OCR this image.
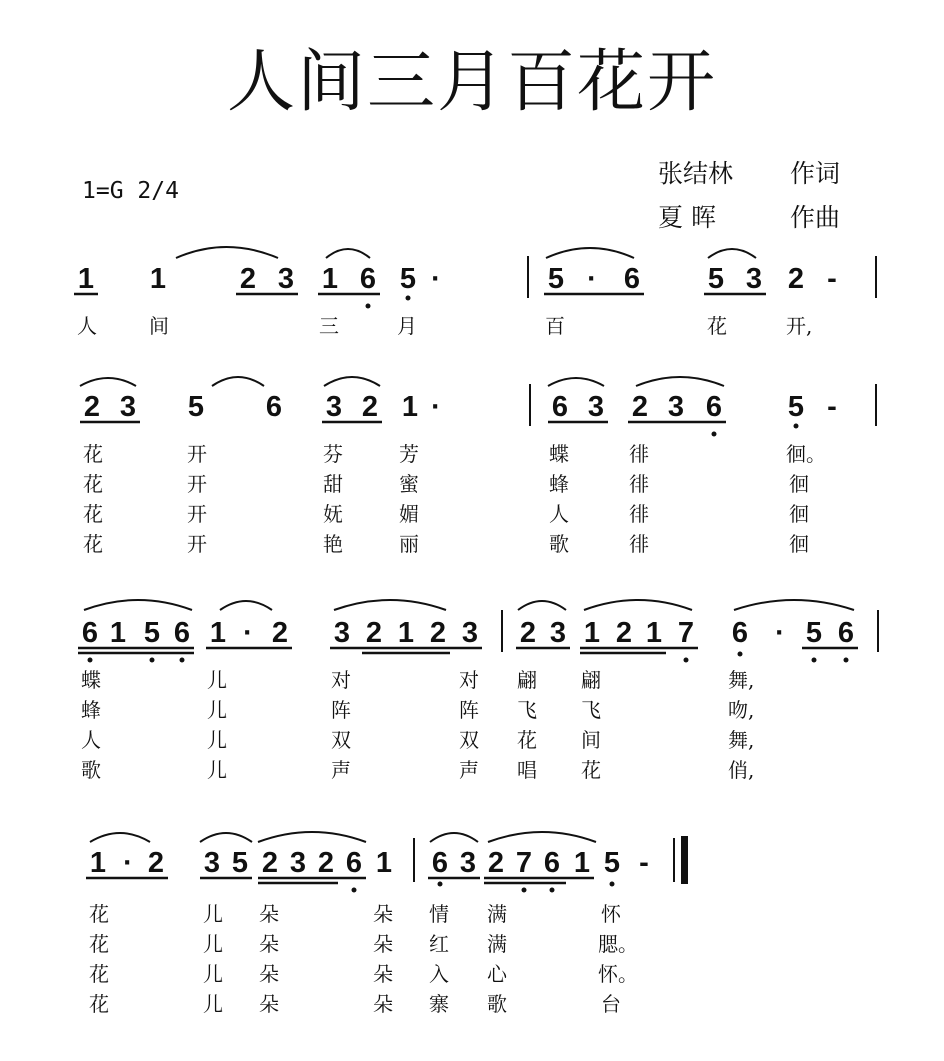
人间三月百花开
1=G 2/4
张结林 作词
夏 晖	作曲
1 1	2 3 1 6 5 ·	5 · 6 5 3 2 -
人	间	三	月	百	花	开,
2 3 5 6 3 2 1 ·	6 3 2 3 6 5 -
花	开	芬	芳	蝶	徘	徊。
花	开	甜	蜜	蜂	徘	徊
花	开	妩	媚	人	徘	徊
花	开	艳	丽	歌	徘	徊
6 1 5 6 1 · 2 3 2 1 2 3 2 3 1 2 1 7 6 · 5 6
蝶	儿	对	对 翩 翩	舞,
蜂	儿	阵	阵 飞 飞	吻,
人	儿	双	双 花 间	舞,
歌	儿	声	声 唱 花	俏,
1 · 2 3 5 2 3 2 6 1 6 3 2 7 6 1 5 -
花	儿 朵	朵 情 满	怀
花	儿 朵	朵 红 满	腮。
花	儿 朵	朵 入 心	怀。
花	儿 朵	朵 寨 歌	台
